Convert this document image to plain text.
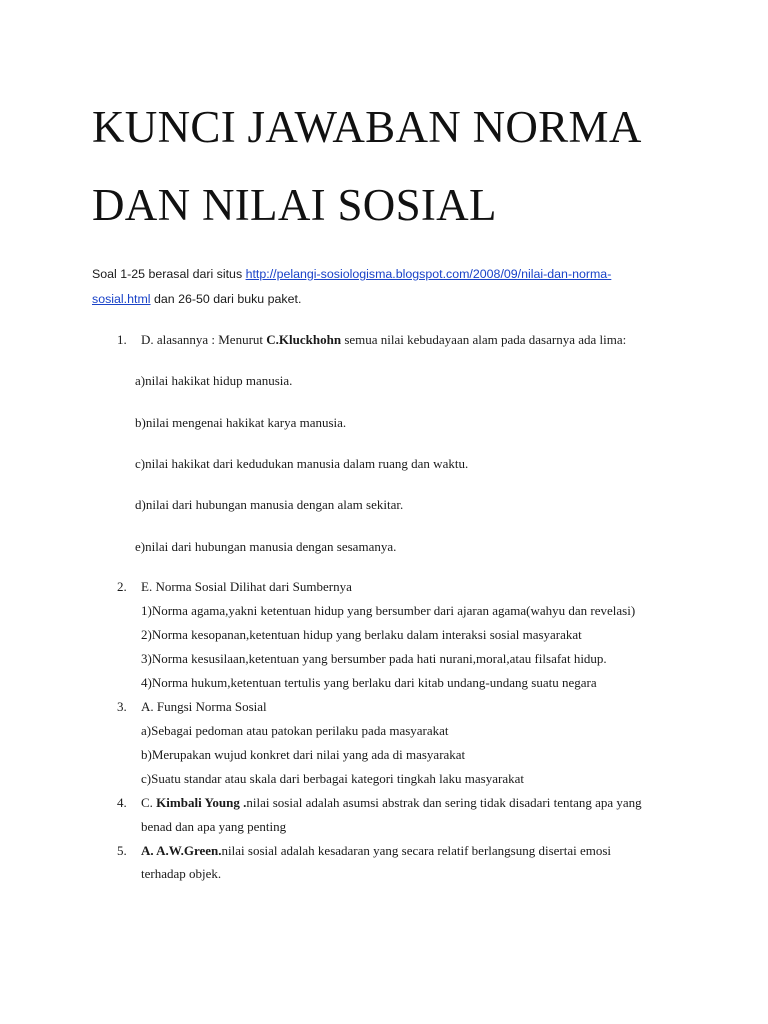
KUNCI JAWABAN NORMA
DAN NILAI SOSIAL
Soal 1-25 berasal dari situs http://pelangi-sosiologisma.blogspot.com/2008/09/nilai-dan-norma-
sosial.html dan 26-50 dari buku paket.
1.	D. alasannya : Menurut C.Kluckhohn semua nilai kebudayaan alam pada dasarnya ada lima:
a)nilai hakikat hidup manusia.
b)nilai mengenai hakikat karya manusia.
c)nilai hakikat dari kedudukan manusia dalam ruang dan waktu.
d)nilai dari hubungan manusia dengan alam sekitar.
e)nilai dari hubungan manusia dengan sesamanya.
2.	E. Norma Sosial Dilihat dari Sumbernya
1)Norma agama,yakni ketentuan hidup yang bersumber dari ajaran agama(wahyu dan revelasi)
2)Norma kesopanan,ketentuan hidup yang berlaku dalam interaksi sosial masyarakat
3)Norma kesusilaan,ketentuan yang bersumber pada hati nurani,moral,atau filsafat hidup.
4)Norma hukum,ketentuan tertulis yang berlaku dari kitab undang-undang suatu negara
3.	A. Fungsi Norma Sosial
a)Sebagai pedoman atau patokan perilaku pada masyarakat
b)Merupakan wujud konkret dari nilai yang ada di masyarakat
c)Suatu standar atau skala dari berbagai kategori tingkah laku masyarakat
4.	C. Kimbali Young .nilai sosial adalah asumsi abstrak dan sering tidak disadari tentang apa yang
benad dan apa yang penting
5.	A. A.W.Green.nilai sosial adalah kesadaran yang secara relatif berlangsung disertai emosi
terhadap objek.
